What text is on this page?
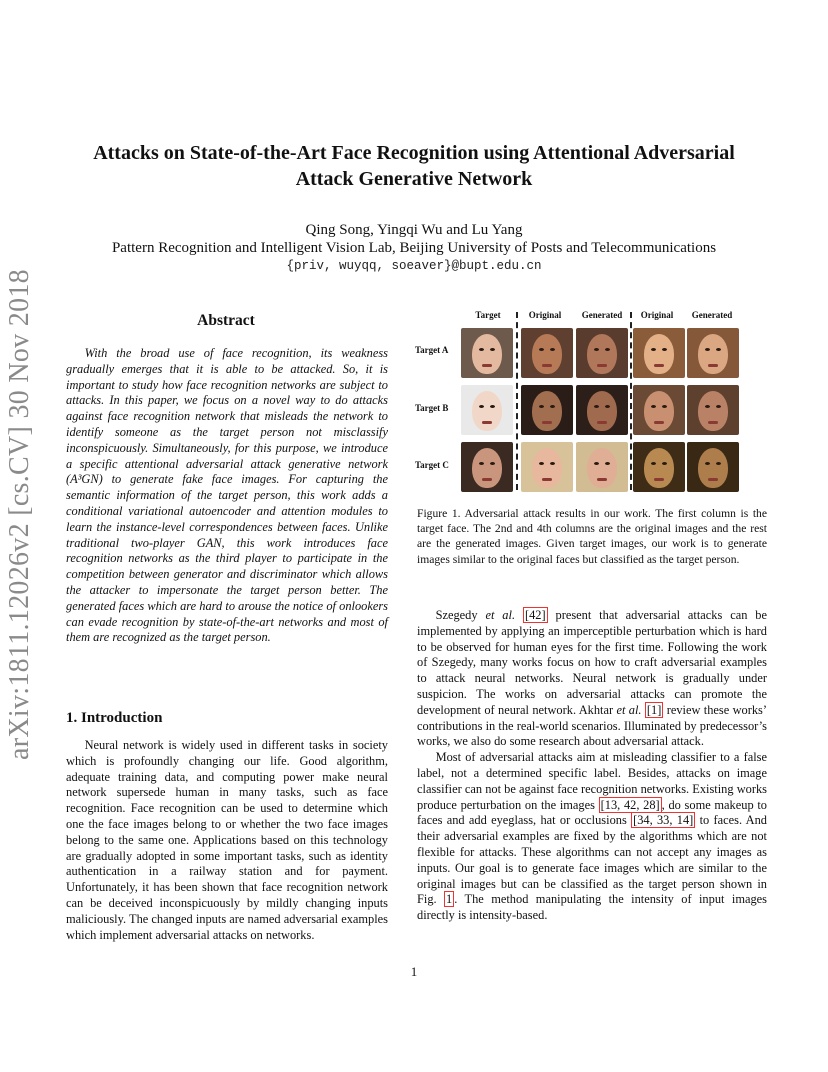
arXiv:1811.12026v2 [cs.CV] 30 Nov 2018
Attacks on State-of-the-Art Face Recognition using Attentional Adversarial
Attack Generative Network
Qing Song, Yingqi Wu and Lu Yang
Pattern Recognition and Intelligent Vision Lab, Beijing University of Posts and Telecommunications
{priv, wuyqq, soeaver}@bupt.edu.cn
Abstract
With the broad use of face recognition, its weakness gradually emerges that it is able to be attacked. So, it is important to study how face recognition networks are subject to attacks. In this paper, we focus on a novel way to do attacks against face recognition network that misleads the network to identify someone as the target person not misclassify inconspicuously. Simultaneously, for this purpose, we introduce a specific attentional adversarial attack generative network (A³GN) to generate fake face images. For capturing the semantic information of the target person, this work adds a conditional variational autoencoder and attention modules to learn the instance-level correspondences between faces. Unlike traditional two-player GAN, this work introduces face recognition networks as the third player to participate in the competition between generator and discriminator which allows the attacker to impersonate the target person better. The generated faces which are hard to arouse the notice of onlookers can evade recognition by state-of-the-art networks and most of them are recognized as the target person.
1. Introduction
Neural network is widely used in different tasks in society which is profoundly changing our life. Good algorithm, adequate training data, and computing power make neural network supersede human in many tasks, such as face recognition. Face recognition can be used to determine which one the face images belong to or whether the two face images belong to the same one. Applications based on this technology are gradually adopted in some important tasks, such as identity authentication in a railway station and for payment. Unfortunately, it has been shown that face recognition network can be deceived inconspicuously by mildly changing inputs maliciously. The changed inputs are named adversarial examples which implement adversarial attacks on networks.
Target	Original	Generated	Original	Generated
Target A
Target B
Target C
Figure 1. Adversarial attack results in our work. The first column is the target face. The 2nd and 4th columns are the original images and the rest are the generated images. Given target images, our work is to generate images similar to the original faces but classified as the target person.

Szegedy et al. [42] present that adversarial attacks can be implemented by applying an imperceptible perturbation which is hard to be observed for human eyes for the first time. Following the work of Szegedy, many works focus on how to craft adversarial examples to attack neural networks. Neural network is gradually under suspicion. The works on adversarial attacks can promote the development of neural network. Akhtar et al. [1] review these works’ contributions in the real-world scenarios. Illuminated by predecessor’s works, we also do some research about adversarial attack.

Most of adversarial attacks aim at misleading classifier to a false label, not a determined specific label. Besides, attacks on image classifier can not be against face recognition networks. Existing works produce perturbation on the images [13, 42, 28] , do some makeup to faces and add eyeglass, hat or occlusions [34, 33, 14] to faces. And their adversarial examples are fixed by the algorithms which are not flexible for attacks. These algorithms can not accept any images as inputs. Our goal is to generate face images which are similar to the original images but can be classified as the target person shown in Fig. 1 . The method manipulating the intensity of input images directly is intensity-based.

1
